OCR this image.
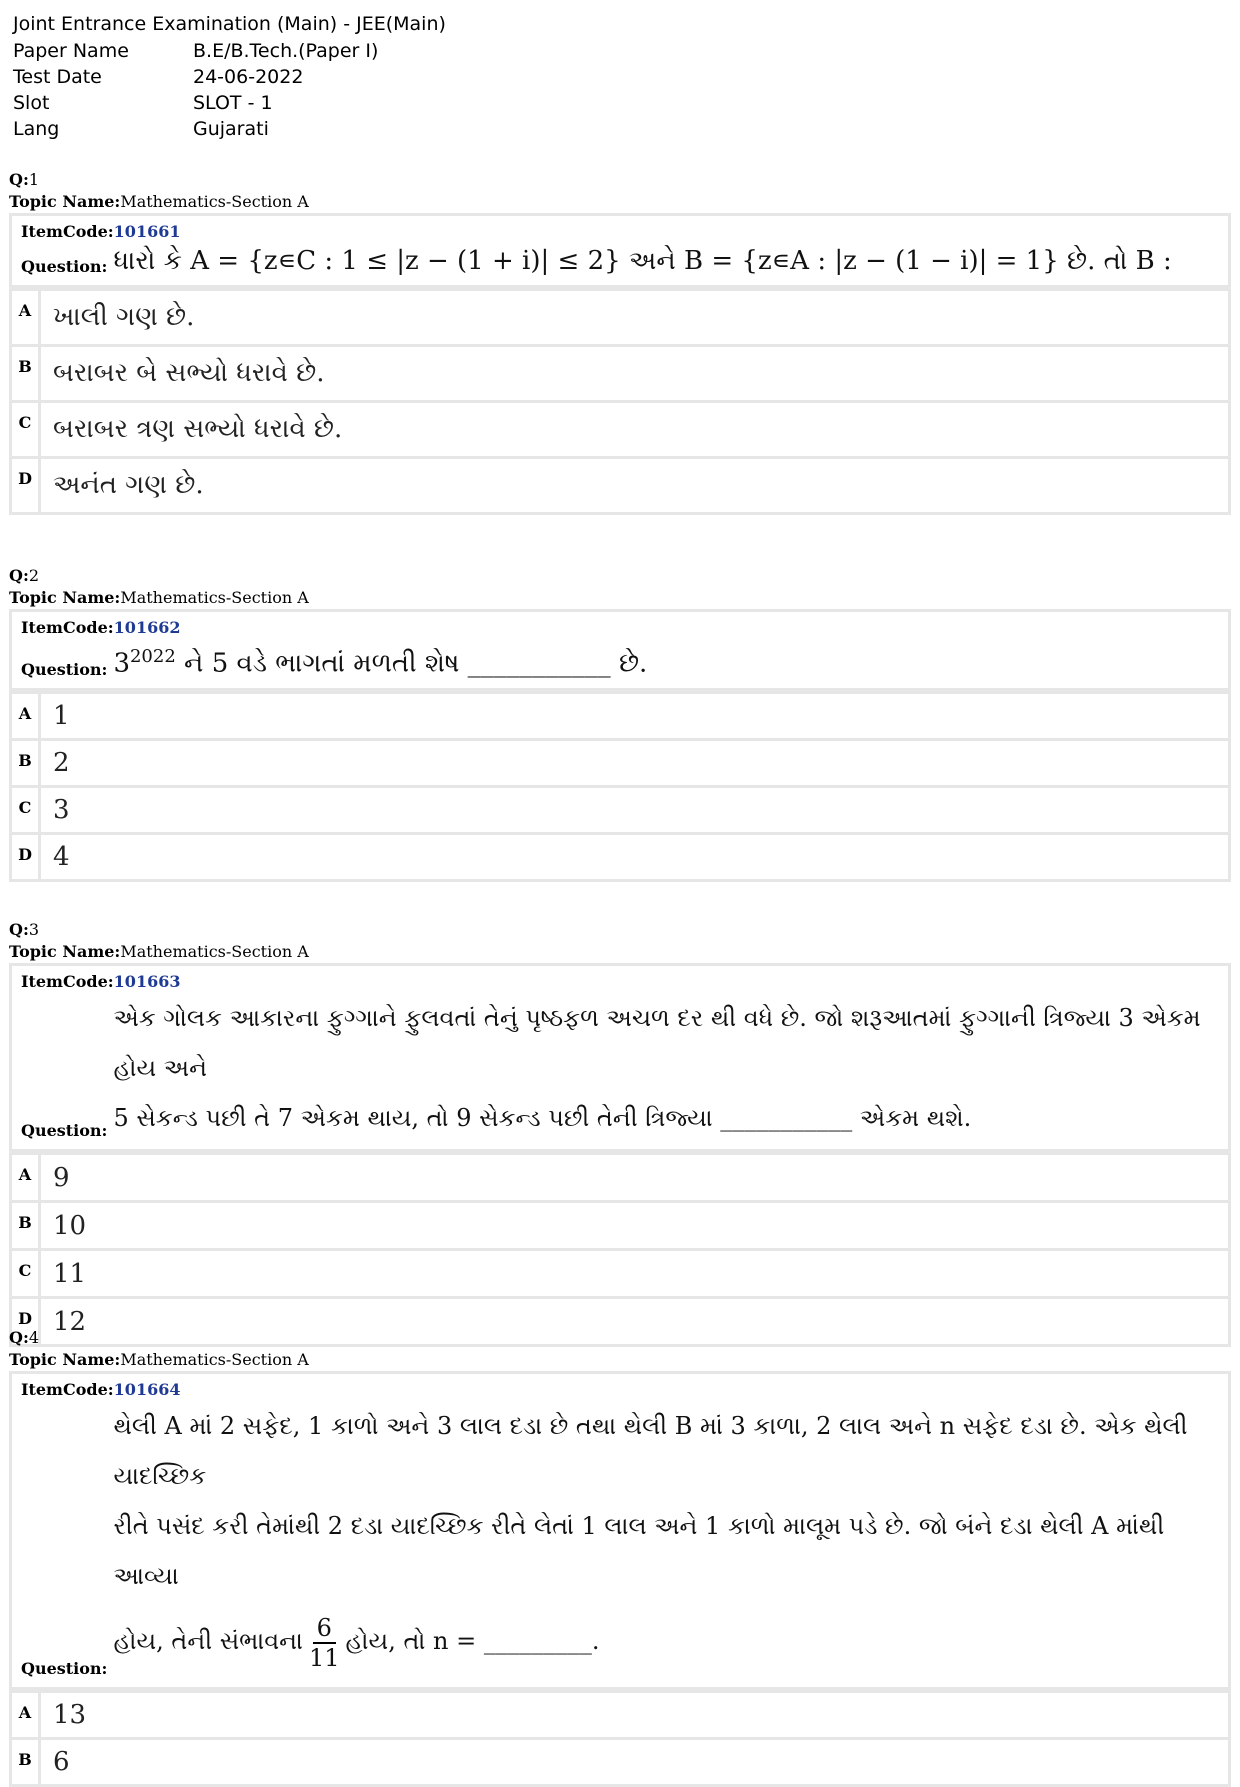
Joint Entrance Examination (Main) - JEE(Main)
Paper Name	B.E/B.Tech.(Paper I)
Test Date	24-06-2022
Slot	SLOT - 1
Lang	Gujarati
Q:1
Topic Name:Mathematics-Section A
ItemCode:101661
Question: ધારો કે A = {z∊C : 1 ≤ |z − (1 + i)| ≤ 2} અને B = {z∊A : |z − (1 − i)| = 1} છે. તો B :
A ખાલી ગણ છે.
B બરાબર બે સભ્યો ધરાવે છે.
C બરાબર ત્રણ સભ્યો ધરાવે છે.
D અનંત ગણ છે.
Q:2
Topic Name:Mathematics-Section A
ItemCode:101662
Question: $3^{2022}$ ને 5 વડે ભાગતાં મળતી શેષ ___________ છે.
A 1
B 2
C 3
D 4
Q:3
Topic Name:Mathematics-Section A
ItemCode:101663
Question:
એક ગોલક આકારના ફુગ્ગાને ફુલવતાં તેનું પૃષ્ઠફળ અચળ દર થી વધે છે. જો શરૂઆતમાં ફુગ્ગાની ત્રિજ્યા 3 એકમ હોય અને
5 સેકન્ડ પછી તે 7 એકમ થાય, તો 9 સેકન્ડ પછી તેની ત્રિજ્યા ___________ એકમ થશે.
A 9
B 10
C 11
D 12
Q:4
Topic Name:Mathematics-Section A
ItemCode:101664
Question:
થેલી A માં 2 સફેદ, 1 કાળો અને 3 લાલ દડા છે તથા થેલી B માં 3 કાળા, 2 લાલ અને n સફેદ દડા છે. એક થેલી યાદચ્છિક
રીતે પસંદ કરી તેમાંથી 2 દડા યાદચ્છિક રીતે લેતાં 1 લાલ અને 1 કાળો માલૂમ પડે છે. જો બંને દડા થેલી A માંથી આવ્યા
હોય, તેની સંભાવના $\frac{6}{11}$ હોય, તો n = _________.
A 13
B 6
